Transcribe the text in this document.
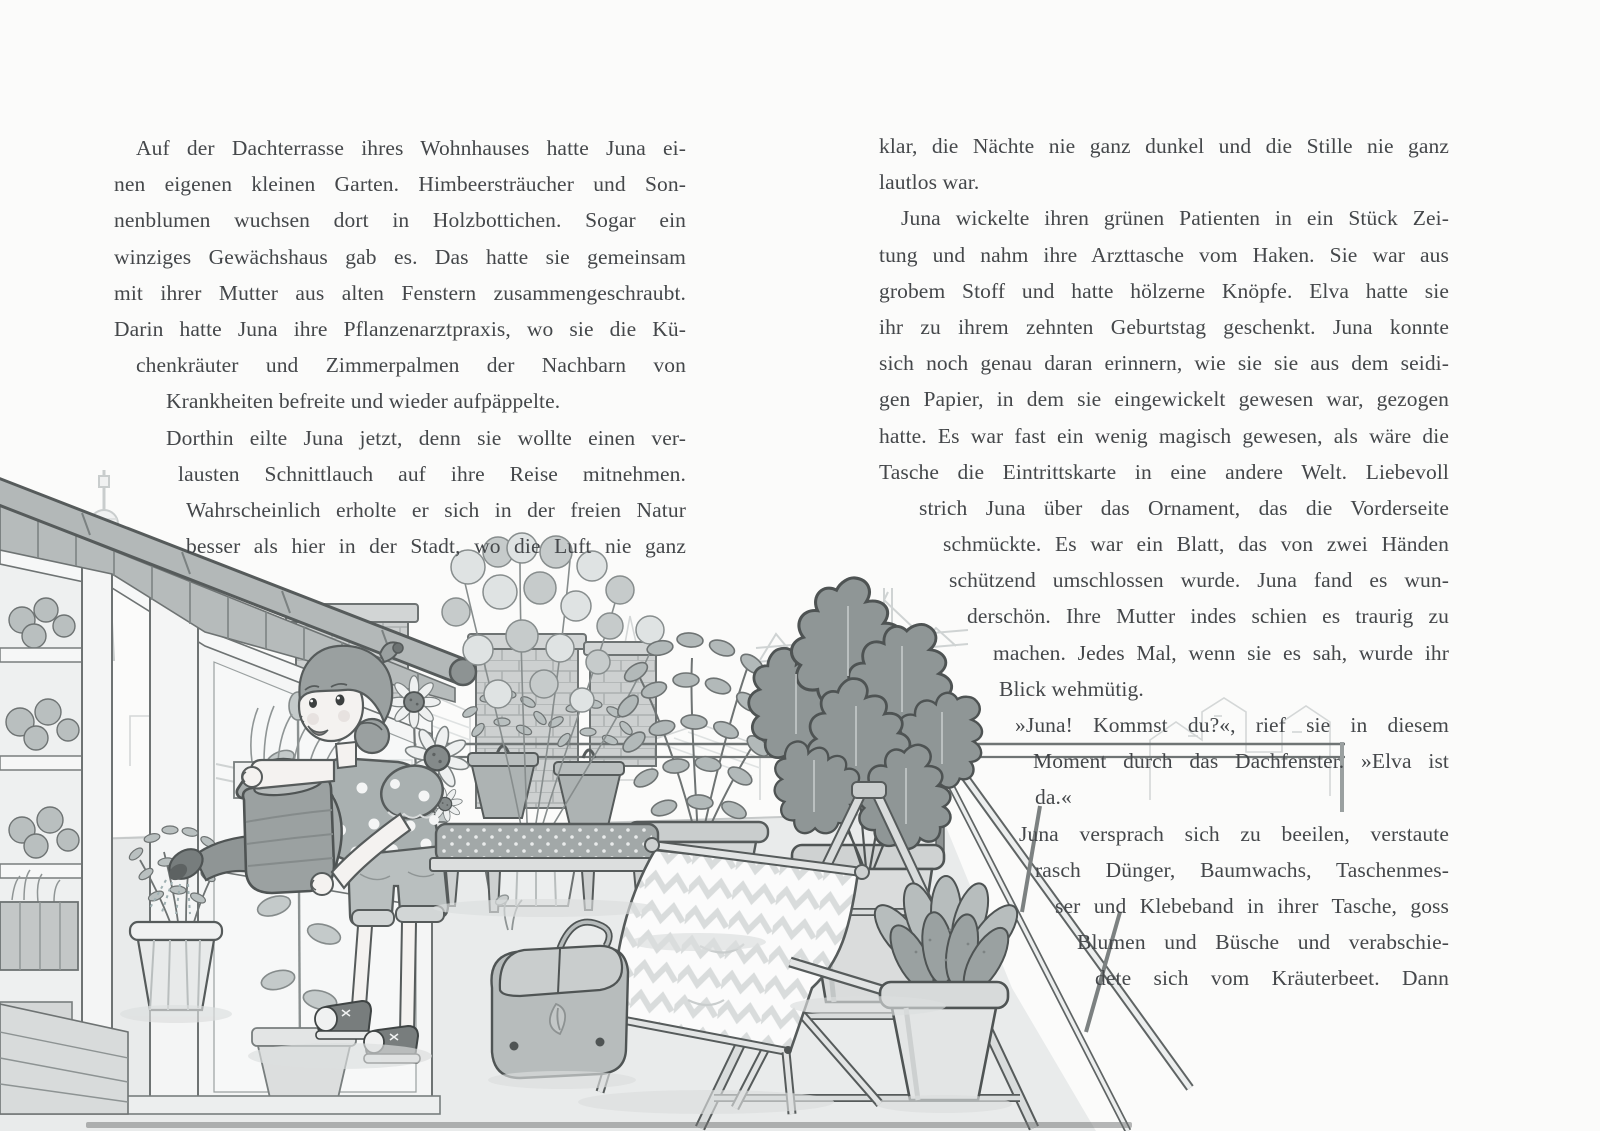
Auf der Dachterrasse ihres Wohnhauses hatte Juna ei-
nen eigenen kleinen Garten. Himbeersträucher und Son-
nenblumen wuchsen dort in Holzbottichen. Sogar ein
winziges Gewächshaus gab es. Das hatte sie gemeinsam
mit ihrer Mutter aus alten Fenstern zusammengeschraubt.
Darin hatte Juna ihre Pflanzenarztpraxis, wo sie die Kü-
chenkräuter und Zimmerpalmen der Nachbarn von
Krankheiten befreite und wieder aufpäppelte.
Dorthin eilte Juna jetzt, denn sie wollte einen ver-
lausten Schnittlauch auf ihre Reise mitnehmen.
Wahrscheinlich erholte er sich in der freien Natur
besser als hier in der Stadt, wo die Luft nie ganz
klar, die Nächte nie ganz dunkel und die Stille nie ganz
lautlos war.
Juna wickelte ihren grünen Patienten in ein Stück Zei-
tung und nahm ihre Arzttasche vom Haken. Sie war aus
grobem Stoff und hatte hölzerne Knöpfe. Elva hatte sie
ihr zu ihrem zehnten Geburtstag geschenkt. Juna konnte
sich noch genau daran erinnern, wie sie sie aus dem seidi-
gen Papier, in dem sie eingewickelt gewesen war, gezogen
hatte. Es war fast ein wenig magisch gewesen, als wäre die
Tasche die Eintrittskarte in eine andere Welt. Liebevoll
strich Juna über das Ornament, das die Vorderseite
schmückte. Es war ein Blatt, das von zwei Händen
schützend umschlossen wurde. Juna fand es wun-
derschön. Ihre Mutter indes schien es traurig zu
machen. Jedes Mal, wenn sie es sah, wurde ihr
Blick wehmütig.
»Juna! Kommst du?«, rief sie in diesem
Moment durch das Dachfenster. »Elva ist
da.«
Juna versprach sich zu beeilen, verstaute
rasch Dünger, Baumwachs, Taschenmes-
ser und Klebeband in ihrer Tasche, goss
Blumen und Büsche und verabschie-
dete sich vom Kräuterbeet. Dann
